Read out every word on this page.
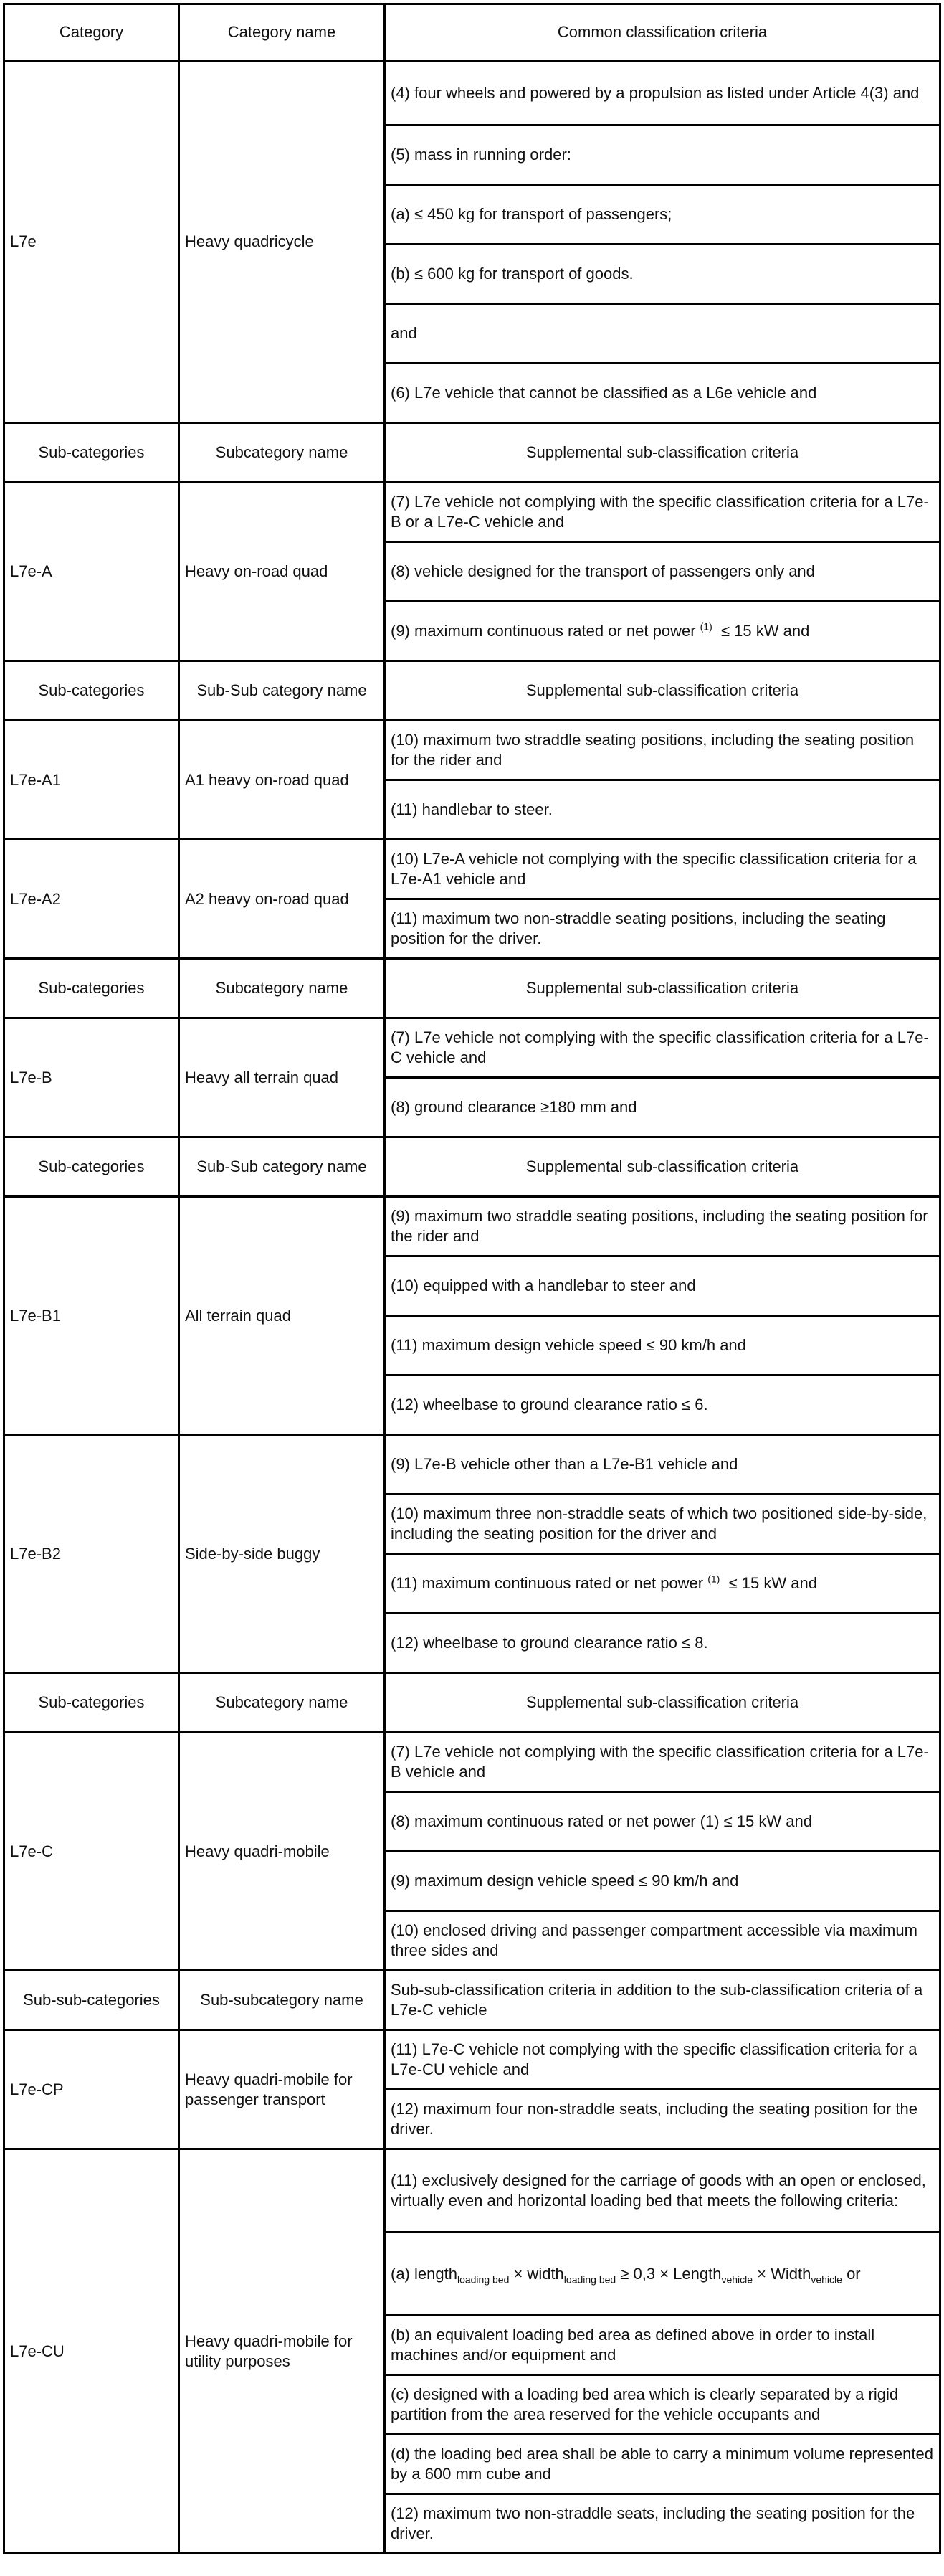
Category	Category name	Common classification criteria
L7e	Heavy quadricycle	(4) four wheels and powered by a propulsion as listed under Article 4(3) and
		(5) mass in running order:
		(a) ≤ 450 kg for transport of passengers;
		(b) ≤ 600 kg for transport of goods.
		and
		(6) L7e vehicle that cannot be classified as a L6e vehicle and
Sub-categories	Subcategory name	Supplemental sub-classification criteria
L7e-A	Heavy on-road quad	(7) L7e vehicle not complying with the specific classification criteria for a L7e-B or a L7e-C vehicle and
		(8) vehicle designed for the transport of passengers only and
		(9) maximum continuous rated or net power $^{(1)}$  ≤ 15 kW and
Sub-categories	Sub-Sub category name	Supplemental sub-classification criteria
L7e-A1	A1 heavy on-road quad	(10) maximum two straddle seating positions, including the seating position for the rider and
		(11) handlebar to steer.
L7e-A2	A2 heavy on-road quad	(10) L7e-A vehicle not complying with the specific classification criteria for a L7e-A1 vehicle and
		(11) maximum two non-straddle seating positions, including the seating position for the driver.
Sub-categories	Subcategory name	Supplemental sub-classification criteria
L7e-B	Heavy all terrain quad	(7) L7e vehicle not complying with the specific classification criteria for a L7e-C vehicle and
		(8) ground clearance ≥180 mm and
Sub-categories	Sub-Sub category name	Supplemental sub-classification criteria
L7e-B1	All terrain quad	(9) maximum two straddle seating positions, including the seating position for the rider and
		(10) equipped with a handlebar to steer and
		(11) maximum design vehicle speed ≤ 90 km/h and
		(12) wheelbase to ground clearance ratio ≤ 6.
L7e-B2	Side-by-side buggy	(9) L7e-B vehicle other than a L7e-B1 vehicle and
		(10) maximum three non-straddle seats of which two positioned side-by-side, including the seating position for the driver and
		(11) maximum continuous rated or net power $^{(1)}$  ≤ 15 kW and
		(12) wheelbase to ground clearance ratio ≤ 8.
Sub-categories	Subcategory name	Supplemental sub-classification criteria
L7e-C	Heavy quadri-mobile	(7) L7e vehicle not complying with the specific classification criteria for a L7e-B vehicle and
		(8) maximum continuous rated or net power (1) ≤ 15 kW and
		(9) maximum design vehicle speed ≤ 90 km/h and
		(10) enclosed driving and passenger compartment accessible via maximum three sides and
Sub-sub-categories	Sub-subcategory name	Sub-sub-classification criteria in addition to the sub-classification criteria of a L7e-C vehicle
L7e-CP	Heavy quadri-mobile for passenger transport	(11) L7e-C vehicle not complying with the specific classification criteria for a L7e-CU vehicle and
		(12) maximum four non-straddle seats, including the seating position for the driver.
L7e-CU	Heavy quadri-mobile for utility purposes	(11) exclusively designed for the carriage of goods with an open or enclosed, virtually even and horizontal loading bed that meets the following criteria:
		(a) length$_{loading bed}$ × width$_{loading bed}$ ≥ 0,3 × Length$_{vehicle}$ × Width$_{vehicle}$ or
		(b) an equivalent loading bed area as defined above in order to install machines and/or equipment and
		(c) designed with a loading bed area which is clearly separated by a rigid partition from the area reserved for the vehicle occupants and
		(d) the loading bed area shall be able to carry a minimum volume represented by a 600 mm cube and
		(12) maximum two non-straddle seats, including the seating position for the driver.
